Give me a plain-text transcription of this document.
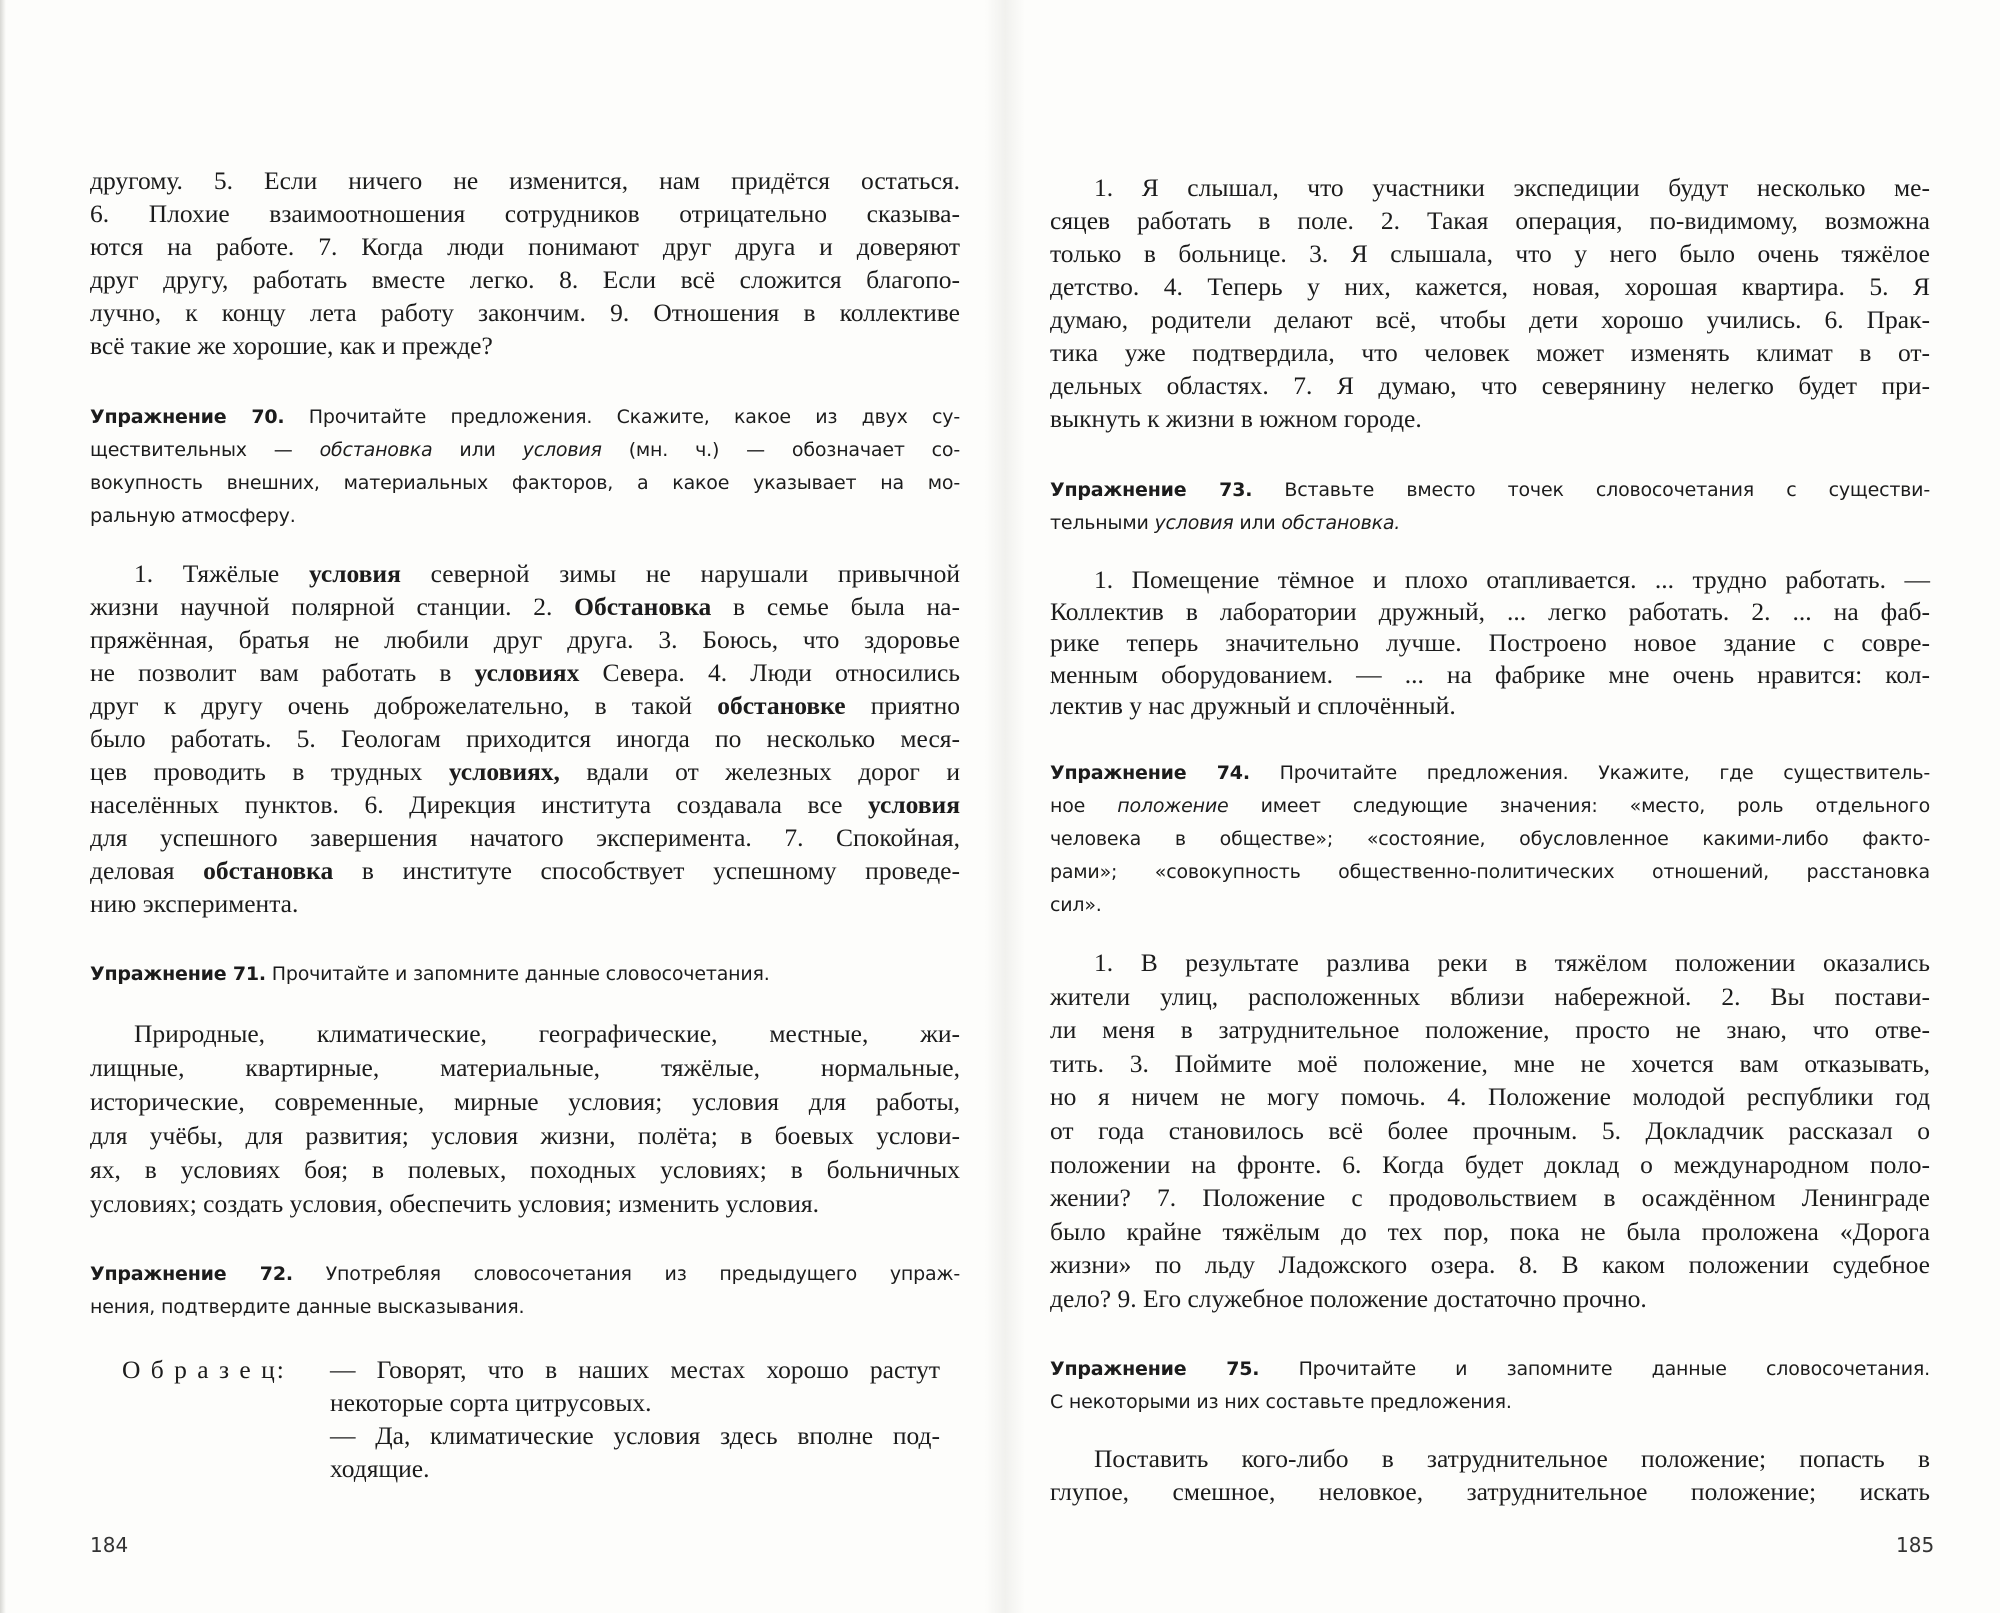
другому. 5. Если ничего не изменится, нам придётся остаться.
6. Плохие взаимоотношения сотрудников отрицательно сказыва-
ются на работе. 7. Когда люди понимают друг друга и доверяют
друг другу, работать вместе легко. 8. Если всё сложится благопо-
лучно, к концу лета работу закончим. 9. Отношения в коллективе
всё такие же хорошие, как и прежде?
Упражнение 70. Прочитайте предложения. Скажите, какое из двух су-
ществительных — обстановка или условия (мн. ч.) — обозначает со-
вокупность внешних, материальных факторов, а какое указывает на мо-
ральную атмосферу.
1. Тяжёлые условия северной зимы не нарушали привычной
жизни научной полярной станции. 2. Обстановка в семье была на-
пряжённая, братья не любили друг друга. 3. Боюсь, что здоровье
не позволит вам работать в условиях Севера. 4. Люди относились
друг к другу очень доброжелательно, в такой обстановке приятно
было работать. 5. Геологам приходится иногда по несколько меся-
цев проводить в трудных условиях, вдали от железных дорог и
населённых пунктов. 6. Дирекция института создавала все условия
для успешного завершения начатого эксперимента. 7. Спокойная,
деловая обстановка в институте способствует успешному проведе-
нию эксперимента.
Упражнение 71. Прочитайте и запомните данные словосочетания.
Природные, климатические, географические, местные, жи-
лищные, квартирные, материальные, тяжёлые, нормальные,
исторические, современные, мирные условия; условия для работы,
для учёбы, для развития; условия жизни, полёта; в боевых услови-
ях, в условиях боя; в полевых, походных условиях; в больничных
условиях; создать условия, обеспечить условия; изменить условия.
Упражнение 72. Употребляя словосочетания из предыдущего упраж-
нения, подтвердите данные высказывания.
О б р а з е ц: — Говорят, что в наших местах хорошо растут
некоторые сорта цитрусовых.
— Да, климатические условия здесь вполне под-
ходящие.
1. Я слышал, что участники экспедиции будут несколько ме-
сяцев работать в поле. 2. Такая операция, по-видимому, возможна
только в больнице. 3. Я слышала, что у него было очень тяжёлое
детство. 4. Теперь у них, кажется, новая, хорошая квартира. 5. Я
думаю, родители делают всё, чтобы дети хорошо учились. 6. Прак-
тика уже подтвердила, что человек может изменять климат в от-
дельных областях. 7. Я думаю, что северянину нелегко будет при-
выкнуть к жизни в южном городе.
Упражнение 73. Вставьте вместо точек словосочетания с существи-
тельными условия или обстановка.
1. Помещение тёмное и плохо отапливается. ... трудно работать. —
Коллектив в лаборатории дружный, ... легко работать. 2. ... на фаб-
рике теперь значительно лучше. Построено новое здание с совре-
менным оборудованием. — ... на фабрике мне очень нравится: кол-
лектив у нас дружный и сплочённый.
Упражнение 74. Прочитайте предложения. Укажите, где существитель-
ное положение имеет следующие значения: «место, роль отдельного
человека в обществе»; «состояние, обусловленное какими-либо факто-
рами»; «совокупность общественно-политических отношений, расстановка
сил».
1. В результате разлива реки в тяжёлом положении оказались
жители улиц, расположенных вблизи набережной. 2. Вы постави-
ли меня в затруднительное положение, просто не знаю, что отве-
тить. 3. Поймите моё положение, мне не хочется вам отказывать,
но я ничем не могу помочь. 4. Положение молодой республики год
от года становилось всё более прочным. 5. Докладчик рассказал о
положении на фронте. 6. Когда будет доклад о международном поло-
жении? 7. Положение с продовольствием в осаждённом Ленинграде
было крайне тяжёлым до тех пор, пока не была проложена «Дорога
жизни» по льду Ладожского озера. 8. В каком положении судебное
дело? 9. Его служебное положение достаточно прочно.
Упражнение 75. Прочитайте и запомните данные словосочетания.
С некоторыми из них составьте предложения.
Поставить кого-либо в затруднительное положение; попасть в
глупое, смешное, неловкое, затруднительное положение; искать
184	185
